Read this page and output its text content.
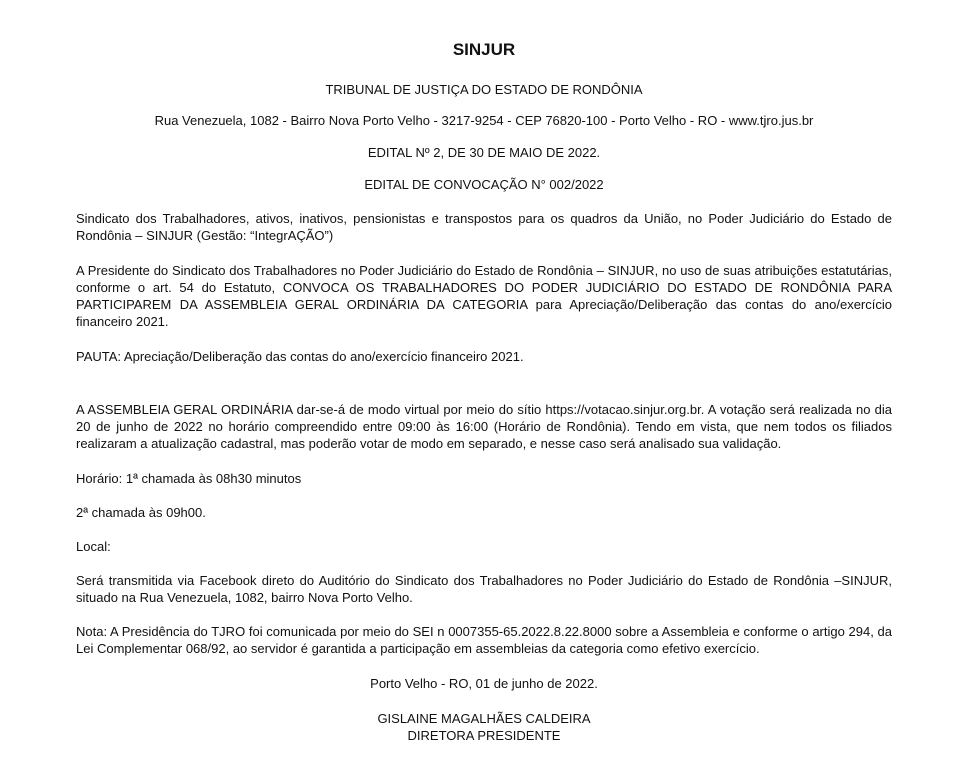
SINJUR

TRIBUNAL DE JUSTIÇA DO ESTADO DE RONDÔNIA

Rua Venezuela, 1082 - Bairro Nova Porto Velho - 3217-9254 - CEP 76820-100 - Porto Velho - RO - www.tjro.jus.br

EDITAL Nº 2, DE 30 DE MAIO DE 2022.

EDITAL DE CONVOCAÇÃO N° 002/2022

Sindicato dos Trabalhadores, ativos, inativos, pensionistas e transpostos para os quadros da União, no Poder Judiciário do Estado de Rondônia – SINJUR (Gestão: “IntegrAÇÃO”)

A Presidente do Sindicato dos Trabalhadores no Poder Judiciário do Estado de Rondônia – SINJUR, no uso de suas atribuições estatutárias, conforme o art. 54 do Estatuto, CONVOCA OS TRABALHADORES DO PODER JUDICIÁRIO DO ESTADO DE RONDÔNIA PARA PARTICIPAREM DA ASSEMBLEIA GERAL ORDINÁRIA DA CATEGORIA para Apreciação/Deliberação das contas do ano/exercício financeiro 2021.

PAUTA: Apreciação/Deliberação das contas do ano/exercício financeiro 2021.

A ASSEMBLEIA GERAL ORDINÁRIA dar-se-á de modo virtual por meio do sítio https://votacao.sinjur.org.br. A votação será realizada no dia 20 de junho de 2022 no horário compreendido entre 09:00 às 16:00 (Horário de Rondônia). Tendo em vista, que nem todos os filiados realizaram a atualização cadastral, mas poderão votar de modo em separado, e nesse caso será analisado sua validação.

Horário: 1ª chamada às 08h30 minutos

2ª chamada às 09h00.

Local:

Será transmitida via Facebook direto do Auditório do Sindicato dos Trabalhadores no Poder Judiciário do Estado de Rondônia –SINJUR, situado na Rua Venezuela, 1082, bairro Nova Porto Velho.

Nota: A Presidência do TJRO foi comunicada por meio do SEI n 0007355-65.2022.8.22.8000 sobre a Assembleia e conforme o artigo 294, da Lei Complementar 068/92, ao servidor é garantida a participação em assembleias da categoria como efetivo exercício.

Porto Velho - RO, 01 de junho de 2022.

GISLAINE MAGALHÃES CALDEIRA

DIRETORA PRESIDENTE
